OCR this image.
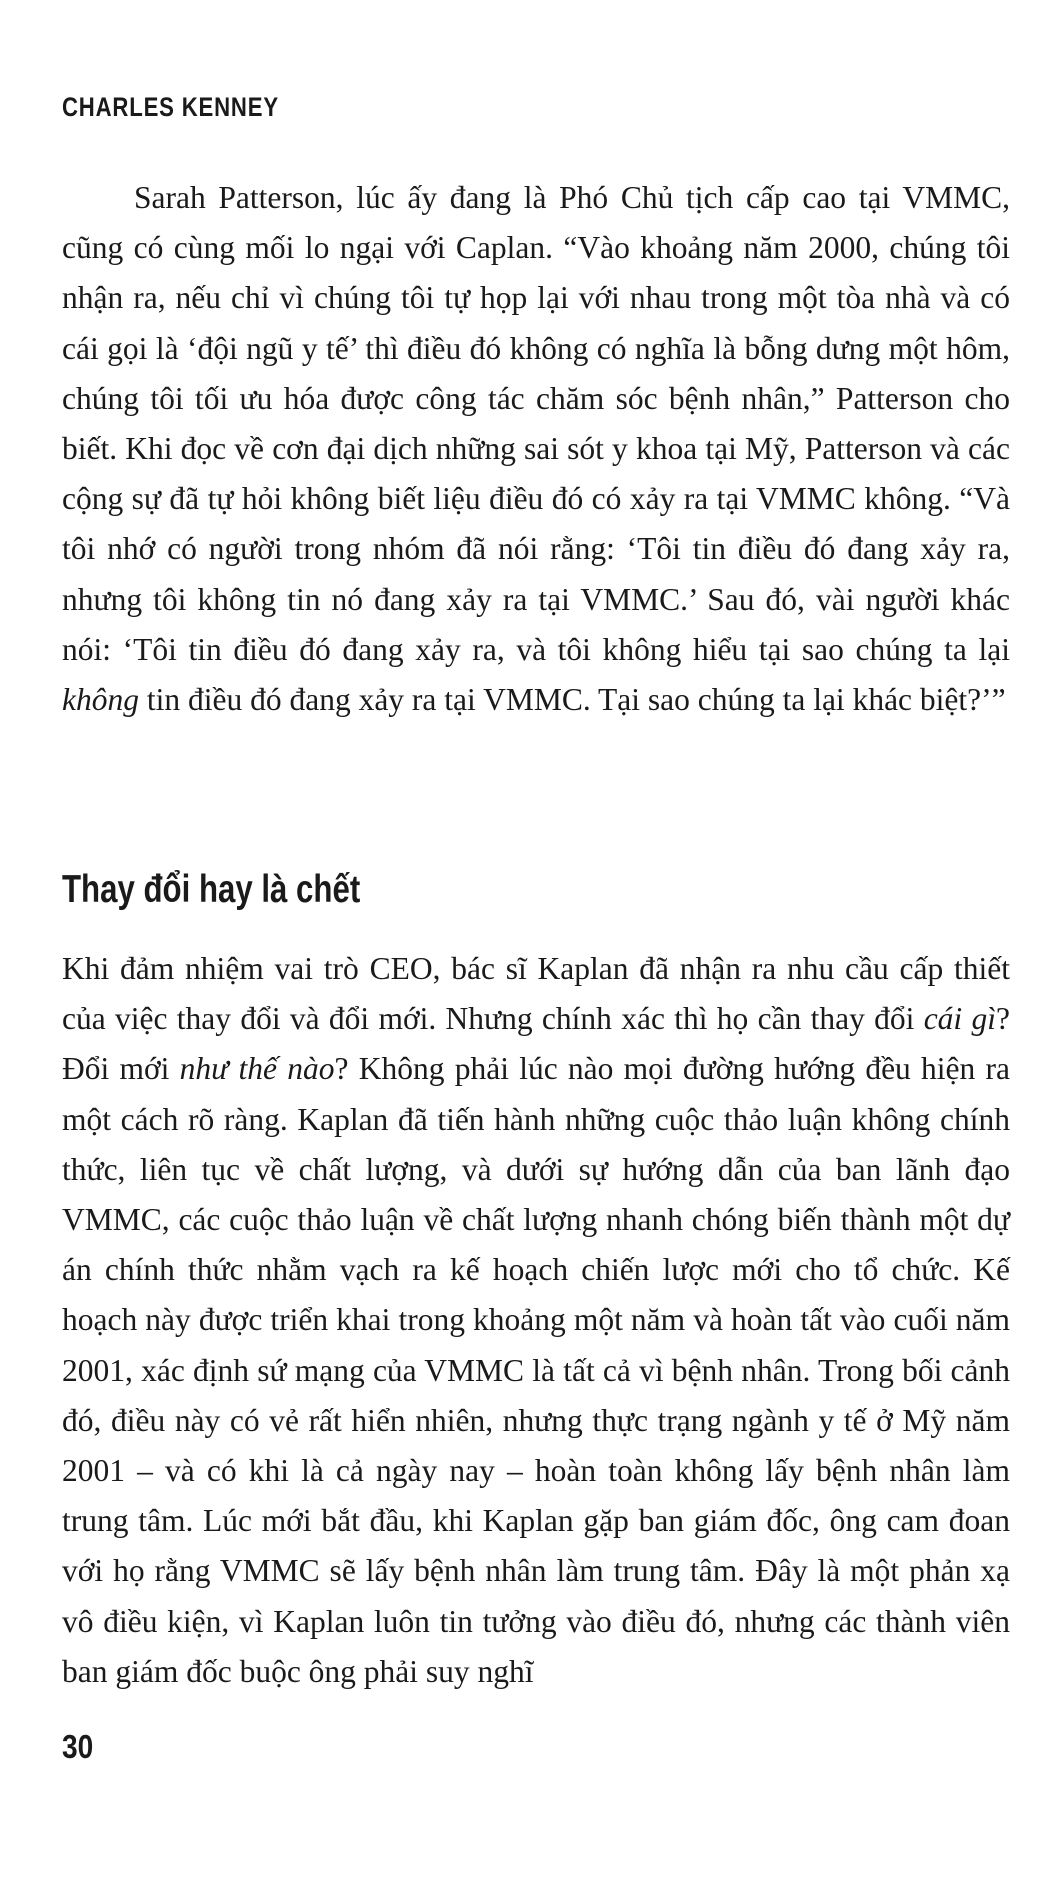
CHARLES KENNEY

Sarah Patterson, lúc ấy đang là Phó Chủ tịch cấp cao tại VMMC, cũng có cùng mối lo ngại với Caplan. “Vào khoảng năm 2000, chúng tôi nhận ra, nếu chỉ vì chúng tôi tự họp lại với nhau trong một tòa nhà và có cái gọi là ‘đội ngũ y tế’ thì điều đó không có nghĩa là bỗng dưng một hôm, chúng tôi tối ưu hóa được công tác chăm sóc bệnh nhân,” Patterson cho biết. Khi đọc về cơn đại dịch những sai sót y khoa tại Mỹ, Patterson và các cộng sự đã tự hỏi không biết liệu điều đó có xảy ra tại VMMC không. “Và tôi nhớ có người trong nhóm đã nói rằng: ‘Tôi tin điều đó đang xảy ra, nhưng tôi không tin nó đang xảy ra tại VMMC.’ Sau đó, vài người khác nói: ‘Tôi tin điều đó đang xảy ra, và tôi không hiểu tại sao chúng ta lại không tin điều đó đang xảy ra tại VMMC. Tại sao chúng ta lại khác biệt?’”

Thay đổi hay là chết

Khi đảm nhiệm vai trò CEO, bác sĩ Kaplan đã nhận ra nhu cầu cấp thiết của việc thay đổi và đổi mới. Nhưng chính xác thì họ cần thay đổi cái gì? Đổi mới như thế nào? Không phải lúc nào mọi đường hướng đều hiện ra một cách rõ ràng. Kaplan đã tiến hành những cuộc thảo luận không chính thức, liên tục về chất lượng, và dưới sự hướng dẫn của ban lãnh đạo VMMC, các cuộc thảo luận về chất lượng nhanh chóng biến thành một dự án chính thức nhằm vạch ra kế hoạch chiến lược mới cho tổ chức. Kế hoạch này được triển khai trong khoảng một năm và hoàn tất vào cuối năm 2001, xác định sứ mạng của VMMC là tất cả vì bệnh nhân. Trong bối cảnh đó, điều này có vẻ rất hiển nhiên, nhưng thực trạng ngành y tế ở Mỹ năm 2001 – và có khi là cả ngày nay – hoàn toàn không lấy bệnh nhân làm trung tâm. Lúc mới bắt đầu, khi Kaplan gặp ban giám đốc, ông cam đoan với họ rằng VMMC sẽ lấy bệnh nhân làm trung tâm. Đây là một phản xạ vô điều kiện, vì Kaplan luôn tin tưởng vào điều đó, nhưng các thành viên ban giám đốc buộc ông phải suy nghĩ

30
